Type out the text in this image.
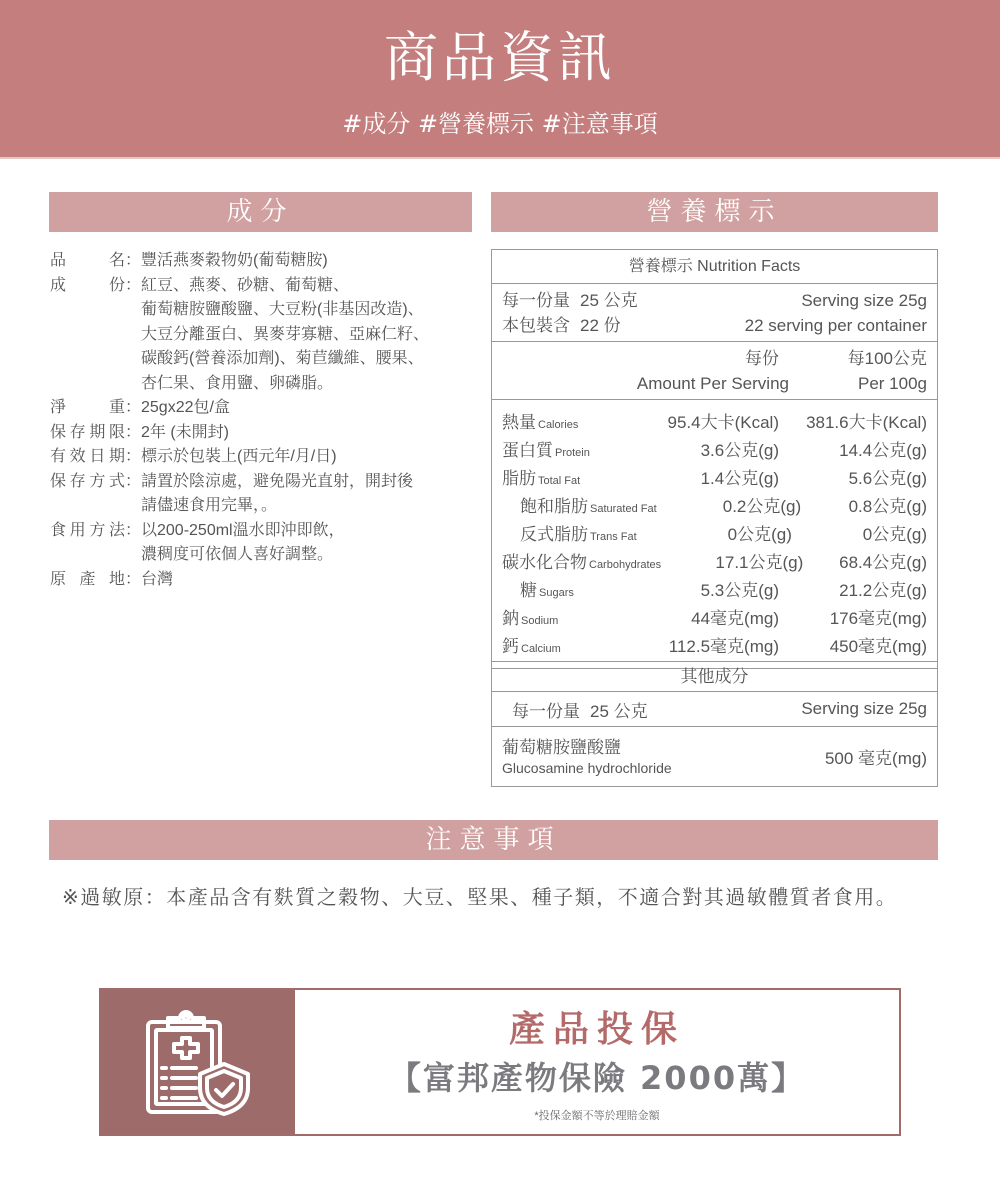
商品資訊
#成分 #營養標示 #注意事項
成分	營養標示
品	名 ： 豐活燕麥穀物奶(葡萄糖胺)
成	份 ： 紅豆、燕麥、砂糖、葡萄糖、
葡萄糖胺鹽酸鹽、大豆粉(非基因改造)、
大豆分離蛋白、異麥芽寡糖、亞麻仁籽、
碳酸鈣(營養添加劑)、菊苣纖維、腰果、
杏仁果、食用鹽、卵磷脂。
淨	重 ： 25gx22包/盒
保 存 期 限 ： 2年 (未開封)
有 效 日 期 ： 標示於包裝上(西元年/月/日)
保 存 方 式 ： 請置於陰涼處，避免陽光直射，開封後
請儘速食用完畢，。
食 用 方 法 ： 以200-250ml溫水即沖即飲，
濃稠度可依個人喜好調整。
原 產 地 ： 台灣
營養標示 Nutrition Facts
每一份量 25 公克	Serving size 25g
本包裝含 22 份	22 serving per container
每份	每100公克
Amount Per Serving	Per 100g
熱量 Calories	95.4大卡(Kcal)	381.6大卡(Kcal)
蛋白質 Protein	3.6公克(g)	14.4公克(g)
脂肪 Total Fat	1.4公克(g)	5.6公克(g)
飽和脂肪 Saturated Fat	0.2公克(g)	0.8公克(g)
反式脂肪 Trans Fat	0公克(g)	0公克(g)
碳水化合物 Carbohydrates	17.1公克(g)	68.4公克(g)
糖 Sugars	5.3公克(g)	21.2公克(g)
鈉 Sodium	44毫克(mg)	176毫克(mg)
鈣 Calcium	112.5毫克(mg)	450毫克(mg)
其他成分
每一份量 25 公克	Serving size 25g
葡萄糖胺鹽酸鹽
Glucosamine hydrochloride	500 毫克(mg)
注意事項
※過敏原：本產品含有麩質之穀物、大豆、堅果、種子類，不適合對其過敏體質者食用。
產品投保
【富邦產物保險 2000萬】
*投保金額不等於理賠金額
